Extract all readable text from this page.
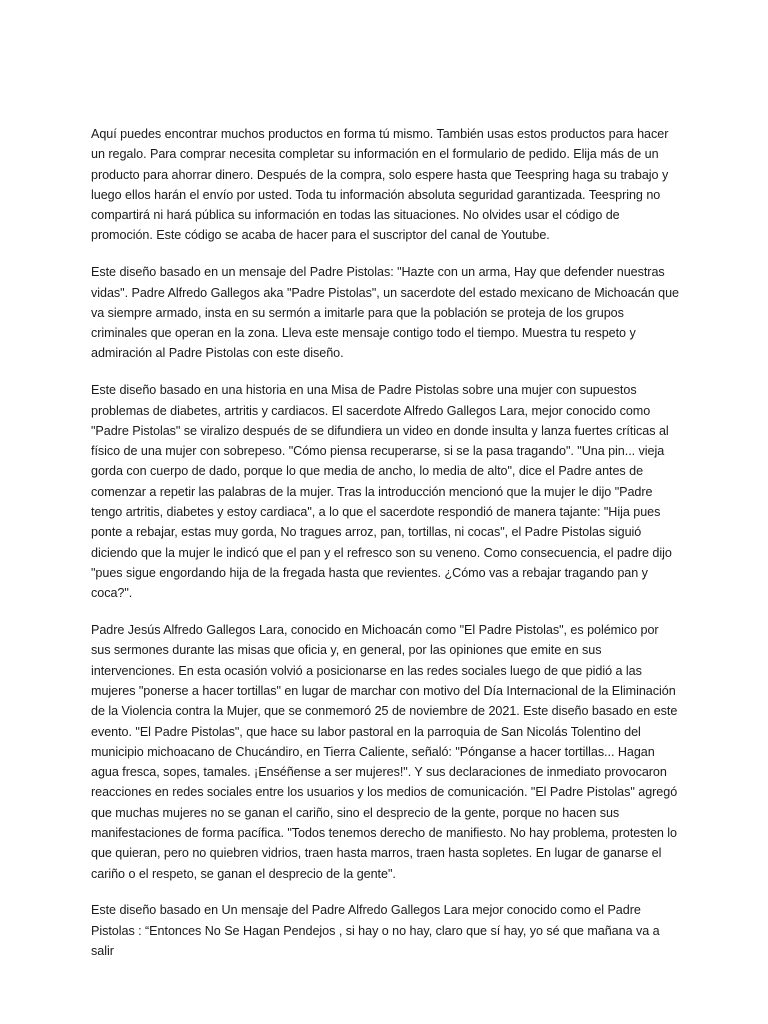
Aquí puedes encontrar muchos productos en forma tú mismo. También usas estos productos para hacer un regalo. Para comprar necesita completar su información en el formulario de pedido. Elija más de un producto para ahorrar dinero. Después de la compra, solo espere hasta que Teespring haga su trabajo y luego ellos harán el envío por usted. Toda tu información absoluta seguridad garantizada. Teespring no compartirá ni hará pública su información en todas las situaciones. No olvides usar el código de promoción. Este código se acaba de hacer para el suscriptor del canal de Youtube.

Este diseño basado en un mensaje del Padre Pistolas: "Hazte con un arma, Hay que defender nuestras vidas". Padre Alfredo Gallegos aka "Padre Pistolas", un sacerdote del estado mexicano de Michoacán que va siempre armado, insta en su sermón a imitarle para que la población se proteja de los grupos criminales que operan en la zona. Lleva este mensaje contigo todo el tiempo. Muestra tu respeto y admiración al Padre Pistolas con este diseño.

Este diseño basado en una historia en una Misa de Padre Pistolas sobre una mujer con supuestos problemas de diabetes, artritis y cardiacos. El sacerdote Alfredo Gallegos Lara, mejor conocido como "Padre Pistolas" se viralizo después de se difundiera un video en donde insulta y lanza fuertes críticas al físico de una mujer con sobrepeso. "Cómo piensa recuperarse, si se la pasa tragando". "Una pin... vieja gorda con cuerpo de dado, porque lo que media de ancho, lo media de alto", dice el Padre antes de comenzar a repetir las palabras de la mujer. Tras la introducción mencionó que la mujer le dijo "Padre tengo artritis, diabetes y estoy cardiaca", a lo que el sacerdote respondió de manera tajante: "Hija pues ponte a rebajar, estas muy gorda, No tragues arroz, pan, tortillas, ni cocas", el Padre Pistolas siguió diciendo que la mujer le indicó que el pan y el refresco son su veneno. Como consecuencia, el padre dijo "pues sigue engordando hija de la fregada hasta que revientes. ¿Cómo vas a rebajar tragando pan y coca?".

Padre Jesús Alfredo Gallegos Lara, conocido en Michoacán como "El Padre Pistolas", es polémico por sus sermones durante las misas que oficia y, en general, por las opiniones que emite en sus intervenciones. En esta ocasión volvió a posicionarse en las redes sociales luego de que pidió a las mujeres "ponerse a hacer tortillas" en lugar de marchar con motivo del Día Internacional de la Eliminación de la Violencia contra la Mujer, que se conmemoró 25 de noviembre de 2021. Este diseño basado en este evento. "El Padre Pistolas", que hace su labor pastoral en la parroquia de San Nicolás Tolentino del municipio michoacano de Chucándiro, en Tierra Caliente, señaló: "Pónganse a hacer tortillas... Hagan agua fresca, sopes, tamales. ¡Enséñense a ser mujeres!". Y sus declaraciones de inmediato provocaron reacciones en redes sociales entre los usuarios y los medios de comunicación. "El Padre Pistolas" agregó que muchas mujeres no se ganan el cariño, sino el desprecio de la gente, porque no hacen sus manifestaciones de forma pacífica. "Todos tenemos derecho de manifiesto. No hay problema, protesten lo que quieran, pero no quiebren vidrios, traen hasta marros, traen hasta sopletes. En lugar de ganarse el cariño o el respeto, se ganan el desprecio de la gente".

Este diseño basado en Un mensaje del Padre Alfredo Gallegos Lara mejor conocido como el Padre Pistolas : “Entonces No Se Hagan Pendejos , si hay o no hay, claro que sí hay, yo sé que mañana va a salir
